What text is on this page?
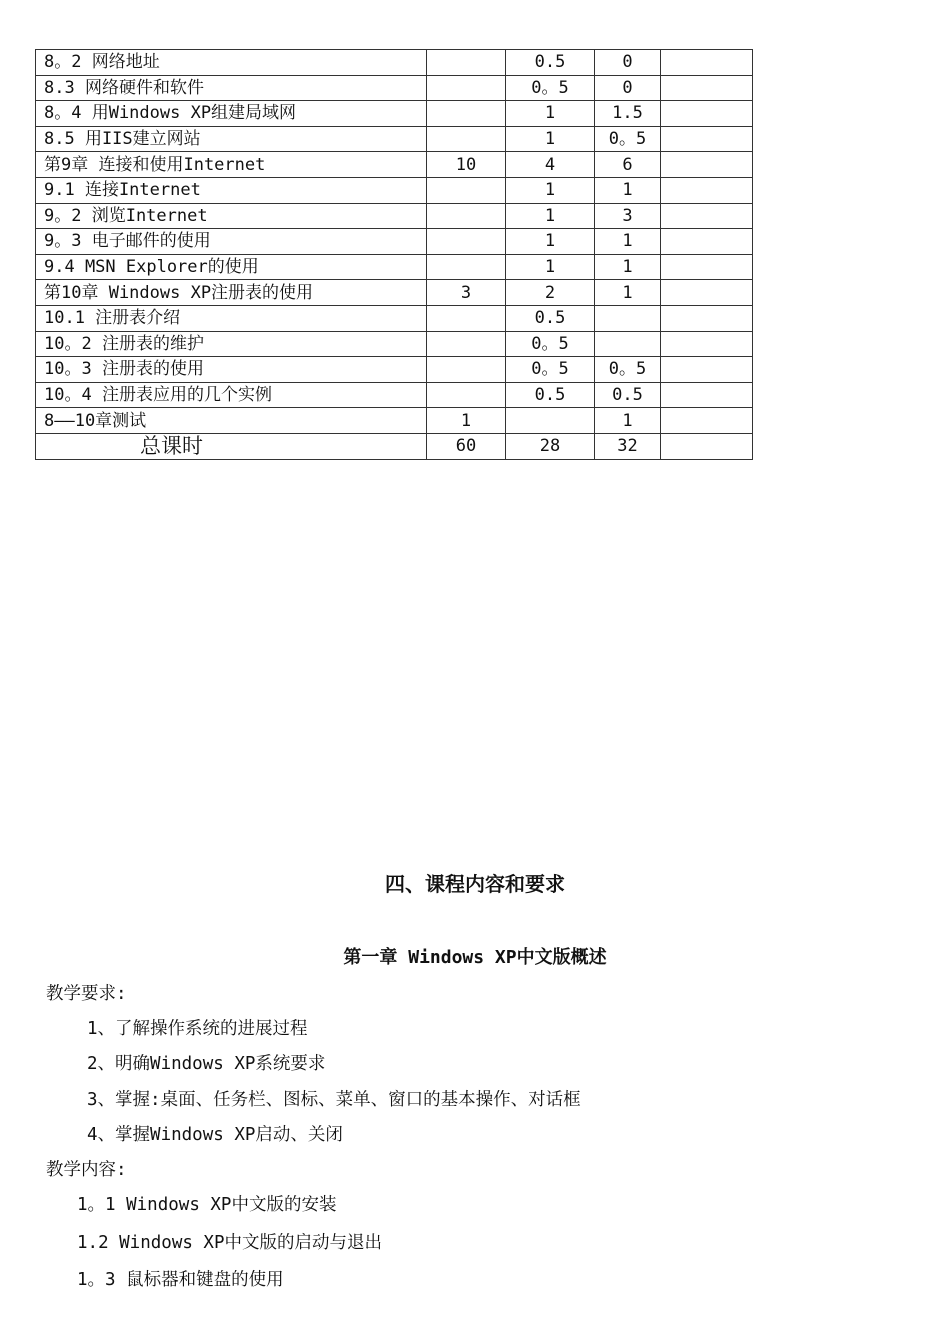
8。2 网络地址		0.5	0	
8.3 网络硬件和软件		0。5	0	
8。4 用Windows XP组建局域网		1	1.5	
8.5 用IIS建立网站		1	0。5	
第9章 连接和使用Internet	10	4	6	
9.1 连接Internet		1	1	
9。2 浏览Internet		1	3	
9。3 电子邮件的使用		1	1	
9.4 MSN Explorer的使用		1	1	
第10章 Windows XP注册表的使用	3	2	1	
10.1 注册表介绍		0.5		
10。2 注册表的维护		0。5		
10。3 注册表的使用		0。5	0。5	
10。4 注册表应用的几个实例		0.5	0.5	
8——10章测试	1		1	
总课时	60	28	32	
四、课程内容和要求
第一章 Windows XP中文版概述
教学要求:
1、了解操作系统的进展过程
2、明确Windows XP系统要求
3、掌握:桌面、任务栏、图标、菜单、窗口的基本操作、对话框
4、掌握Windows XP启动、关闭
教学内容:
1。1 Windows XP中文版的安装
1.2 Windows XP中文版的启动与退出
1。3 鼠标器和键盘的使用
